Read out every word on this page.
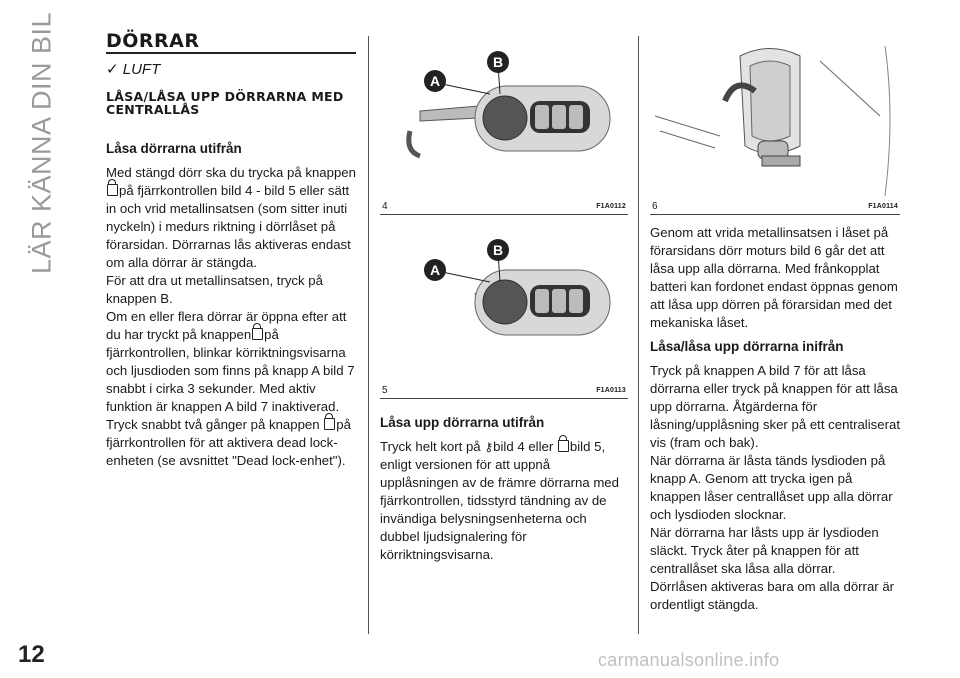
LÄR KÄNNA DIN BIL
12
DÖRRAR
✓ LUFT
LÅSA/LÅSA UPP DÖRRARNA MED CENTRALLÅS
Låsa dörrarna utifrån

Med stängd dörr ska du trycka på knappenpå fjärrkontrollen bild 4 - bild 5 eller sätt in och vrid metallinsatsen (som sitter inuti nyckeln) i medurs riktning i dörrlåset på förarsidan. Dörrarnas lås aktiveras endast om alla dörrar är stängda.

För att dra ut metallinsatsen, tryck på knappen B.

Om en eller flera dörrar är öppna efter att du har tryckt på knappen på fjärrkontrollen, blinkar körriktningsvisarna och ljusdioden som finns på knapp A bild 7 snabbt i cirka 3 sekunder. Med aktiv funktion är knappen A bild 7 inaktiverad.

Tryck snabbt två gånger på knappen på fjärrkontrollen för att aktivera dead lock-enheten (se avsnittet "Dead lock-enhet").

A
B
4	F1A0112
A
B
5	F1A0113
Låsa upp dörrarna utifrån

Tryck helt kort på ⚷bild 4 eller bild 5, enligt versionen för att uppnå upplåsningen av de främre dörrarna med fjärrkontrollen, tidsstyrd tändning av de invändiga belysningsenheterna och dubbel ljudsignalering för körriktningsvisarna.

6	F1A0114

Genom att vrida metallinsatsen i låset på förarsidans dörr moturs bild 6 går det att låsa upp alla dörrarna. Med frånkopplat batteri kan fordonet endast öppnas genom att låsa upp dörren på förarsidan med det mekaniska låset.

Låsa/låsa upp dörrarna inifrån

Tryck på knappen A bild 7 för att låsa dörrarna eller tryck på knappen för att låsa upp dörrarna. Åtgärderna för låsning/upplåsning sker på ett centraliserat vis (fram och bak).

När dörrarna är låsta tänds lysdioden på knapp A. Genom att trycka igen på knappen låser centrallåset upp alla dörrar och lysdioden slocknar.

När dörrarna har låsts upp är lysdioden släckt. Tryck åter på knappen för att centrallåset ska låsa alla dörrar.

Dörrlåsen aktiveras bara om alla dörrar är ordentligt stängda.

carmanualsonline.info
